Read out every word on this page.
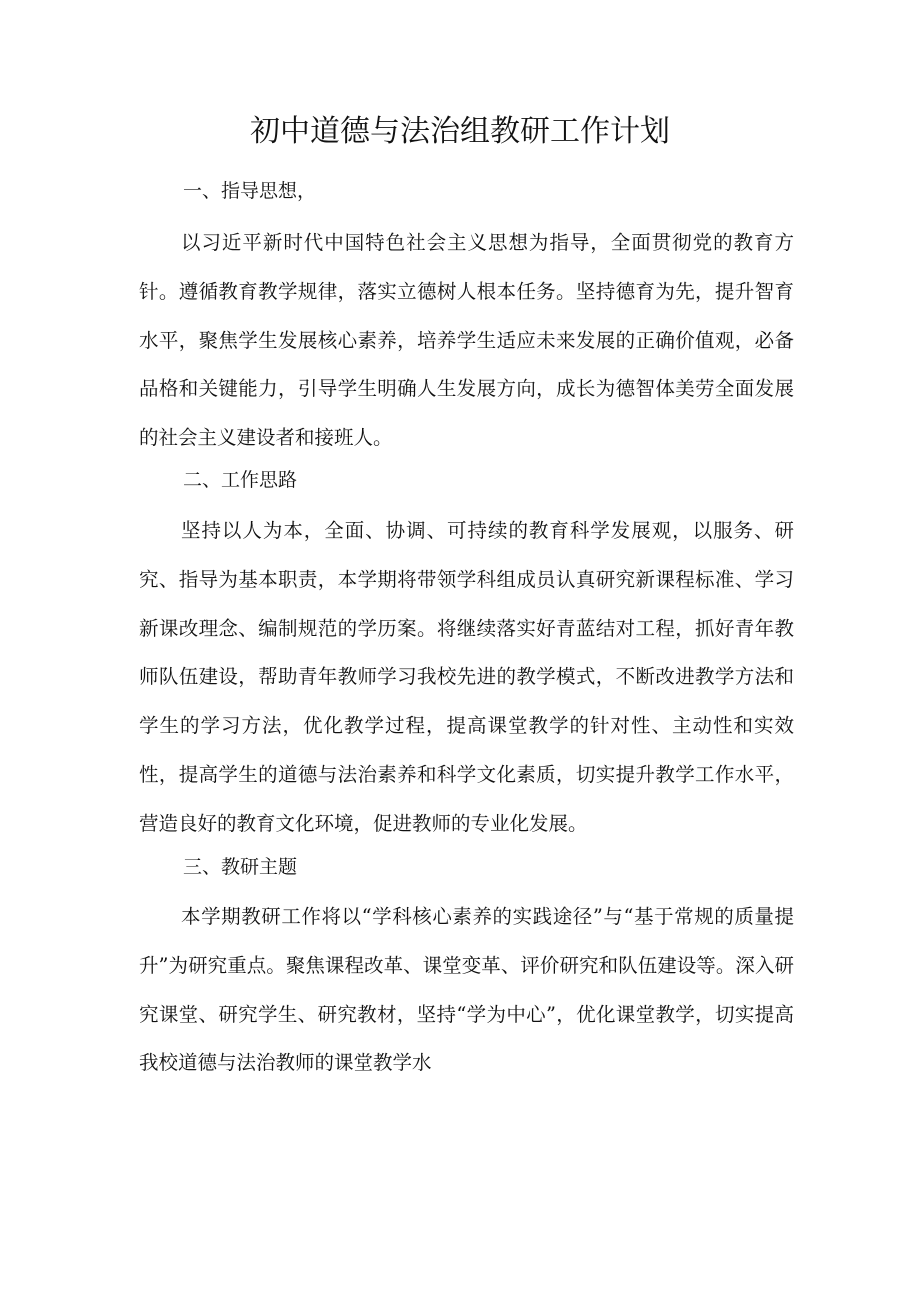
初中道德与法治组教研工作计划
一、指导思想，

以习近平新时代中国特色社会主义思想为指导，全面贯彻党的教育方针。遵循教育教学规律，落实立德树人根本任务。坚持德育为先，提升智育水平，聚焦学生发展核心素养，培养学生适应未来发展的正确价值观，必备品格和关键能力，引导学生明确人生发展方向，成长为德智体美劳全面发展的社会主义建设者和接班人。

二、工作思路

坚持以人为本，全面、协调、可持续的教育科学发展观，以服务、研究、指导为基本职责，本学期将带领学科组成员认真研究新课程标准、学习新课改理念、编制规范的学历案。将继续落实好青蓝结对工程，抓好青年教师队伍建设，帮助青年教师学习我校先进的教学模式，不断改进教学方法和学生的学习方法，优化教学过程，提高课堂教学的针对性、主动性和实效性，提高学生的道德与法治素养和科学文化素质，切实提升教学工作水平，营造良好的教育文化环境，促进教师的专业化发展。

三、教研主题

本学期教研工作将以“学科核心素养的实践途径”与“基于常规的质量提升”为研究重点。聚焦课程改革、课堂变革、评价研究和队伍建设等。深入研究课堂、研究学生、研究教材，坚持“学为中心”，优化课堂教学，切实提高我校道德与法治教师的课堂教学水
